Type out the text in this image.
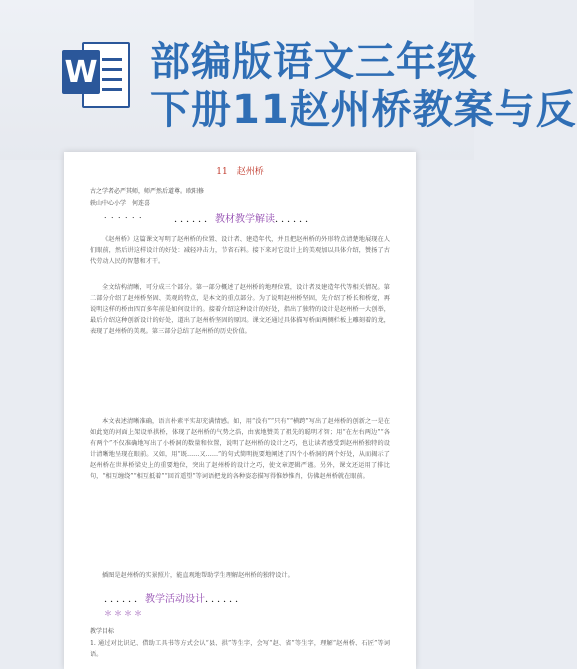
W 部编版语文三年级
下册11赵州桥教案与反
11　赵州桥
古之学者必严其师，师严然后道尊。欧阳修
轶山中心小学　何连喜
．．．．．． ．．．．．．教材教学解读．．．．．．

《赵州桥》这篇课文写明了赵州桥的位置、设计者、建造年代，并且把赵州桥的外形特点清楚地展现在人们眼前，然后讲这样设计的好处：减轻冲击力，节省石料。接下来对它设计上的美观加以具体介绍，赞扬了古代劳动人民的智慧和才干。

全文结构清晰，可分成三个部分。第一部分概述了赵州桥的地理位置，设计者及建造年代等相关情况。第二部分介绍了赵州桥坚固、美观的特点，是本文的重点部分。为了说明赵州桥坚固，先介绍了桥长和桥宽，再说明这样的桥由四百多年前是如何设计的。接着介绍这种设计的好处，指出了独特的设计是赵州桥一大创举，最后介绍这种创新设计的好处，道出了赵州桥坚固的原因。课文还通过具体描写桥面两侧栏板上雕刻着的龙，表现了赵州桥的美观。第三部分总结了赵州桥的历史价值。

本文表述清晰准确，语言朴素平实却充满情感。如，用“没有”“只有”“横跨”写出了赵州桥的创新之一是在如此宽的河面上架设单拱桥，体现了赵州桥的气势之浩，由衷地赞美了祖先的聪明才智；用“在左右两边”“各有两个”不仅准确地写出了小桥洞的数量和位置，说明了赵州桥的设计之巧，也让读者感受到赵州桥独特的设计清晰地呈现在眼前。又如，用“既……又……”的句式简明扼要地阐述了四个小桥洞的两个好处，从而揭示了赵州桥在世界桥梁史上的重要地位，突出了赵州桥的设计之巧，使文章逻辑严谨。另外，课文还运用了排比句，“相互缠绕”“相互抵着”“回首遥望”等词语把龙的各种姿态描写得惟妙惟肖，仿佛赵州桥就在眼前。

插图是赵州桥的实景照片，能直观地帮助学生理解赵州桥的独特设计。

．．．．．．教学活动设计．．．．．．
＊＊＊＊
教学目标

1. 通过对比识记、借助工具书等方式会认“县、拱”等生字，会写“赵、省”等生字，理解“赵州桥、石匠”等词语。
